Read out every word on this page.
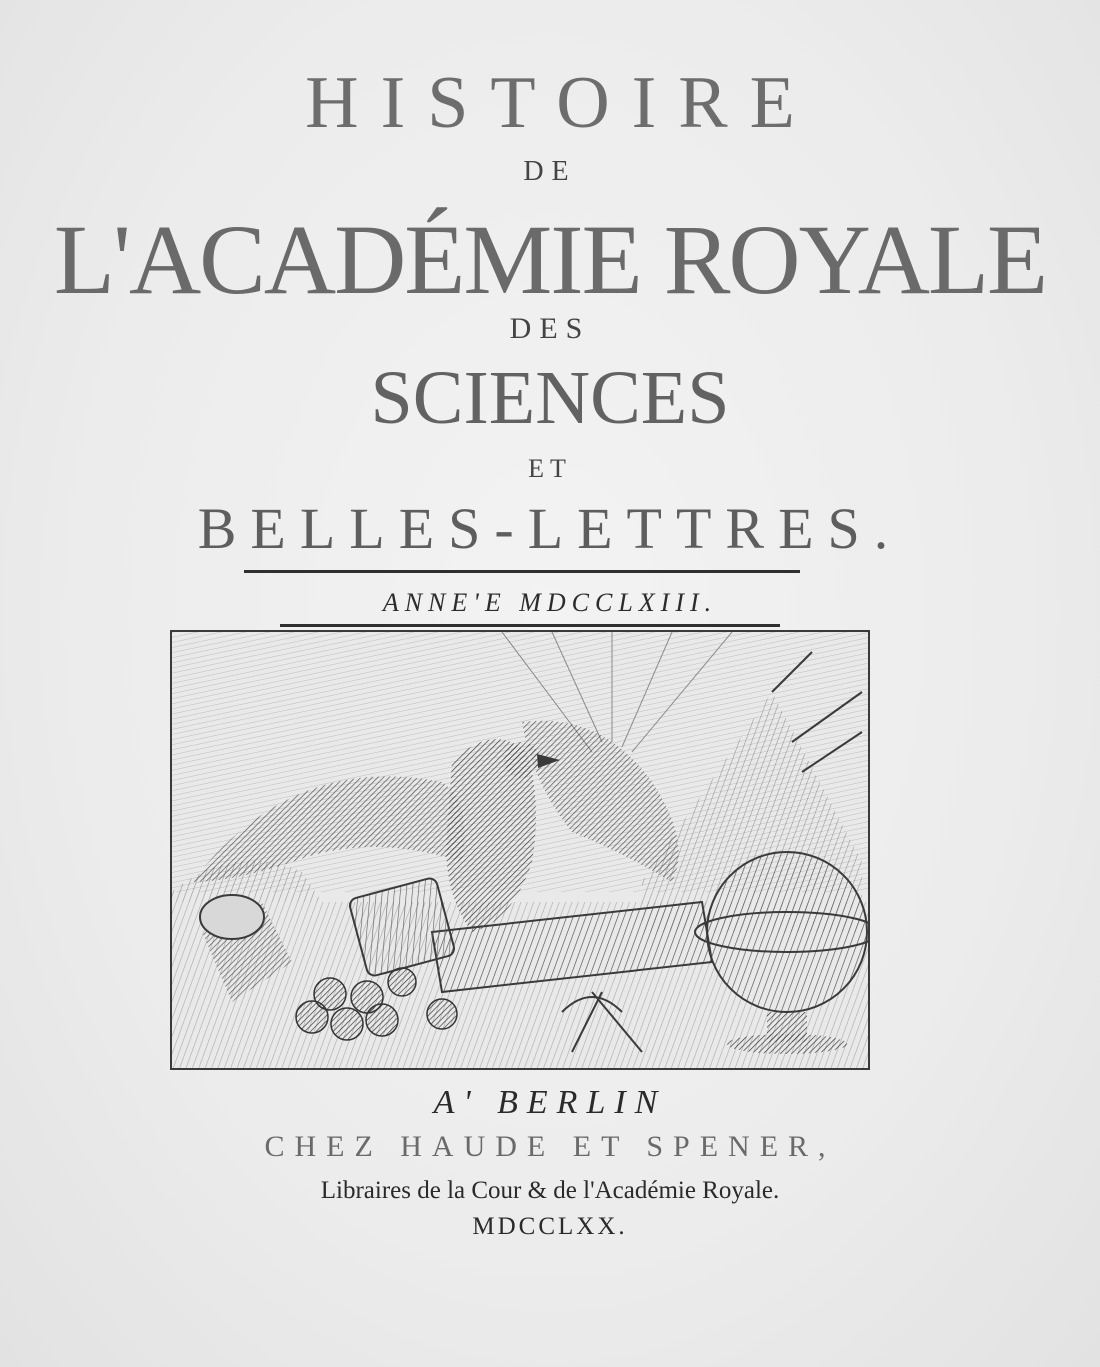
HISTOIRE
DE
L'ACADÉMIE ROYALE
DES
SCIENCES
ET
BELLES-LETTRES.
ANNE'E MDCCLXIII.
A' BERLIN
CHEZ HAUDE ET SPENER,
Libraires de la Cour & de l'Académie Royale.
MDCCLXX.
